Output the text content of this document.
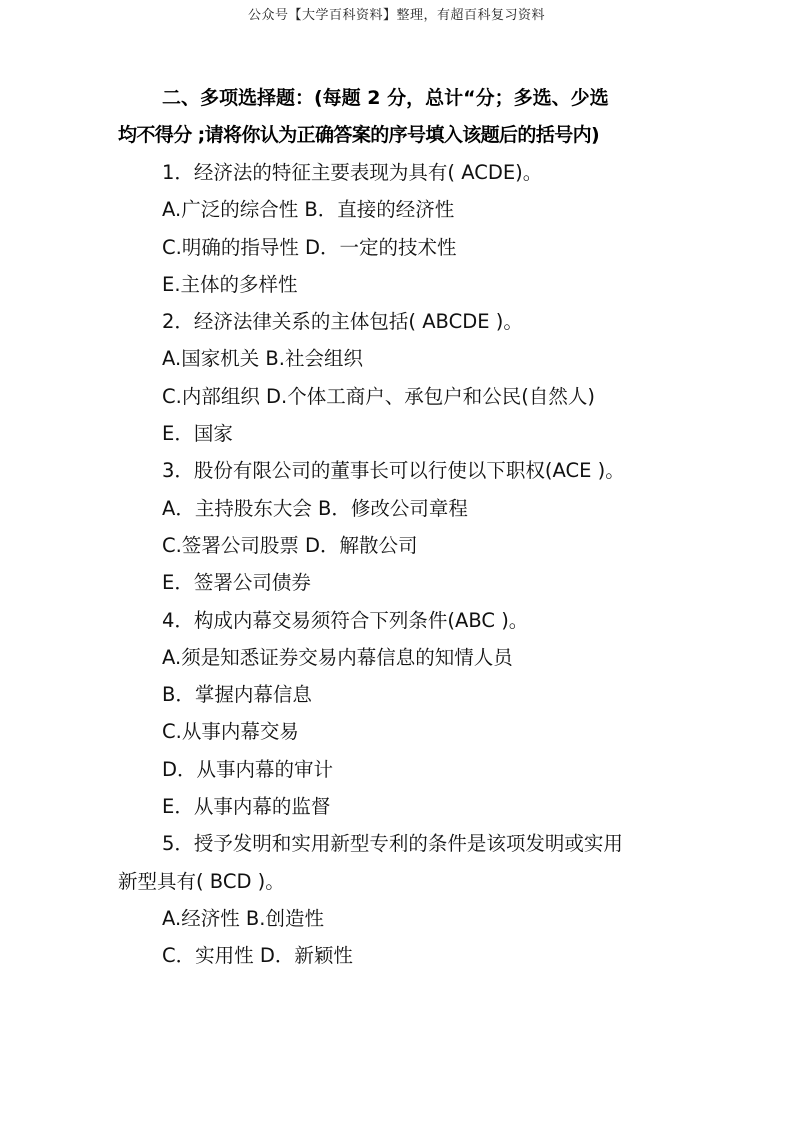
公众号【大学百科资料】整理，有超百科复习资料
二、多项选择题：(每题 2 分，总计“分；多选、少选
均不得分 ;请将你认为正确答案的序号填入该题后的括号内)
1．经济法的特征主要表现为具有( ACDE)。
A.广泛的综合性 B．直接的经济性
C.明确的指导性 D．一定的技术性
E.主体的多样性
2．经济法律关系的主体包括( ABCDE )。
A.国家机关 B.社会组织
C.内部组织 D.个体工商户、承包户和公民(自然人)
E．国家
3．股份有限公司的董事长可以行使以下职权(ACE )。
A．主持股东大会 B．修改公司章程
C.签署公司股票 D．解散公司
E．签署公司债券
4．构成内幕交易须符合下列条件(ABC )。
A.须是知悉证券交易内幕信息的知情人员
B．掌握内幕信息
C.从事内幕交易
D．从事内幕的审计
E．从事内幕的监督
5．授予发明和实用新型专利的条件是该项发明或实用
新型具有( BCD )。
A.经济性 B.创造性
C．实用性 D．新颖性
